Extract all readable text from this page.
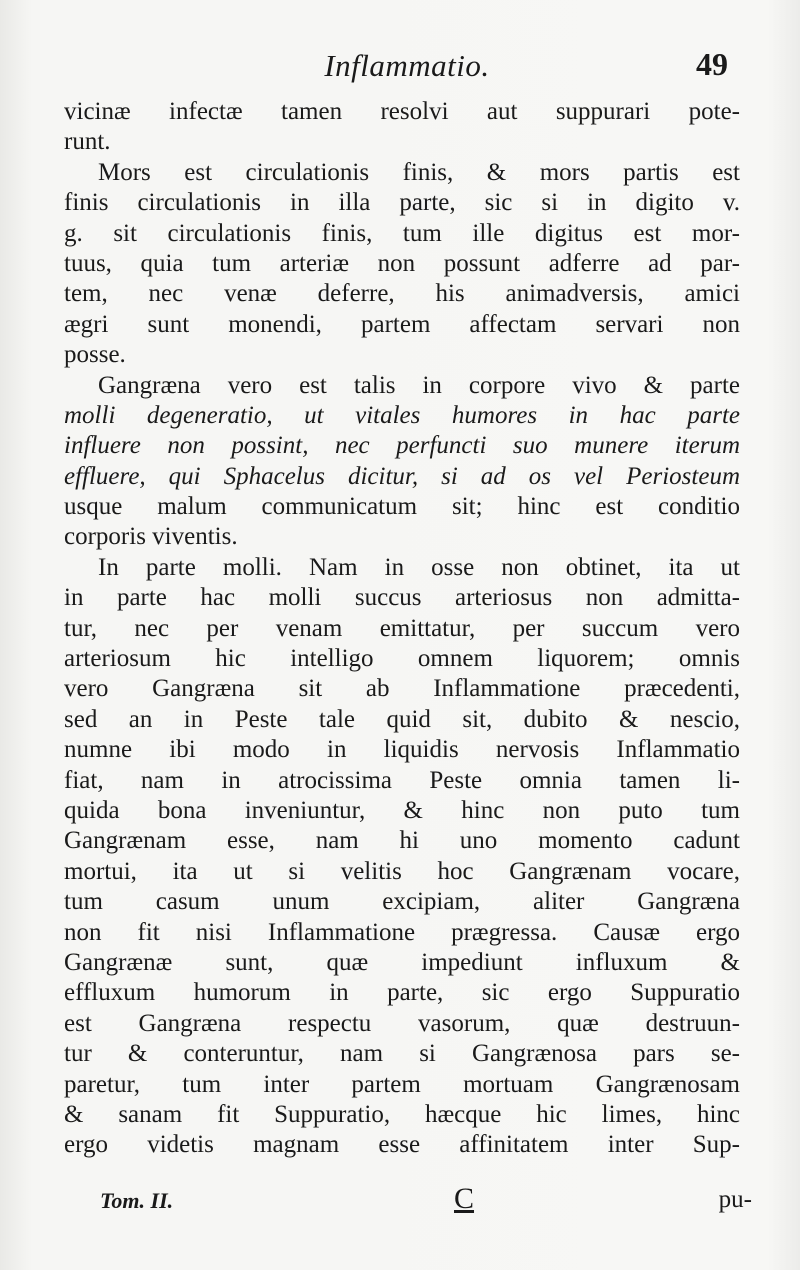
Inflammatio.	49
vicinæ infectæ tamen resolvi aut suppurari pote-
runt.
Mors est circulationis finis, & mors partis est
finis circulationis in illa parte, sic si in digito v.
g. sit circulationis finis, tum ille digitus est mor-
tuus, quia tum arteriæ non possunt adferre ad par-
tem, nec venæ deferre, his animadversis, amici
ægri sunt monendi, partem affectam servari non
posse.
Gangræna vero est talis in corpore vivo & parte
molli degeneratio, ut vitales humores in hac parte
influere non possint, nec perfuncti suo munere iterum
effluere, qui Sphacelus dicitur, si ad os vel Periosteum
usque malum communicatum sit; hinc est conditio
corporis viventis.
In parte molli. Nam in osse non obtinet, ita ut
in parte hac molli succus arteriosus non admitta-
tur, nec per venam emittatur, per succum vero
arteriosum hic intelligo omnem liquorem; omnis
vero Gangræna sit ab Inflammatione præcedenti,
sed an in Peste tale quid sit, dubito & nescio,
numne ibi modo in liquidis nervosis Inflammatio
fiat, nam in atrocissima Peste omnia tamen li-
quida bona inveniuntur, & hinc non puto tum
Gangrænam esse, nam hi uno momento cadunt
mortui, ita ut si velitis hoc Gangrænam vocare,
tum casum unum excipiam, aliter Gangræna
non fit nisi Inflammatione prægressa. Causæ ergo
Gangrænæ sunt, quæ impediunt influxum &
effluxum humorum in parte, sic ergo Suppuratio
est Gangræna respectu vasorum, quæ destruun-
tur & conteruntur, nam si Gangrænosa pars se-
paretur, tum inter partem mortuam Gangrænosam
& sanam fit Suppuratio, hæcque hic limes, hinc
ergo videtis magnam esse affinitatem inter Sup-
Tom. II.	C	pu-
